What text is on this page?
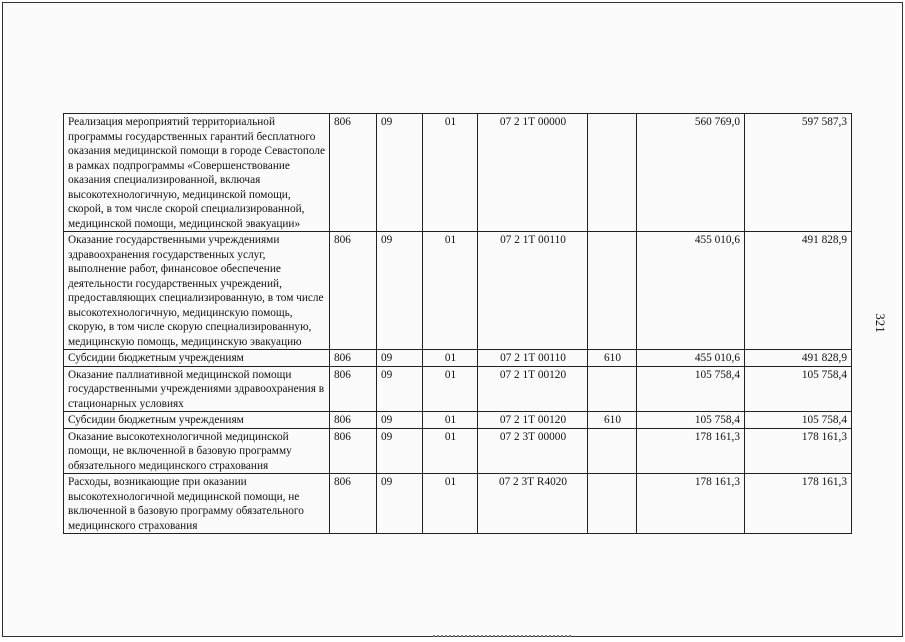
Реализация мероприятий территориальной программы государственных гарантий бесплатного оказания медицинской помощи в городе Севастополе в рамках подпрограммы «Совершенствование оказания специализированной, включая высокотехнологичную, медицинской помощи, скорой, в том числе скорой специализированной, медицинской помощи, медицинской эвакуации»	806	09	01	07 2 1Т 00000		560 769,0	597 587,3
Оказание государственными учреждениями здравоохранения государственных услуг, выполнение работ, финансовое обеспечение деятельности государственных учреждений, предоставляющих специализированную, в том числе высокотехнологичную, медицинскую помощь, скорую, в том числе скорую специализированную, медицинскую помощь, медицинскую эвакуацию	806	09	01	07 2 1Т 00110		455 010,6	491 828,9
Субсидии бюджетным учреждениям	806	09	01	07 2 1Т 00110	610	455 010,6	491 828,9
Оказание паллиативной медицинской помощи государственными учреждениями здравоохранения в стационарных условиях	806	09	01	07 2 1Т 00120		105 758,4	105 758,4
Субсидии бюджетным учреждениям	806	09	01	07 2 1Т 00120	610	105 758,4	105 758,4
Оказание высокотехнологичной медицинской помощи, не включенной в базовую программу обязательного медицинского страхования	806	09	01	07 2 3Т 00000		178 161,3	178 161,3
Расходы, возникающие при оказании высокотехнологичной медицинской помощи, не включенной в базовую программу обязательного медицинского страхования	806	09	01	07 2 3Т R4020		178 161,3	178 161,3
321
